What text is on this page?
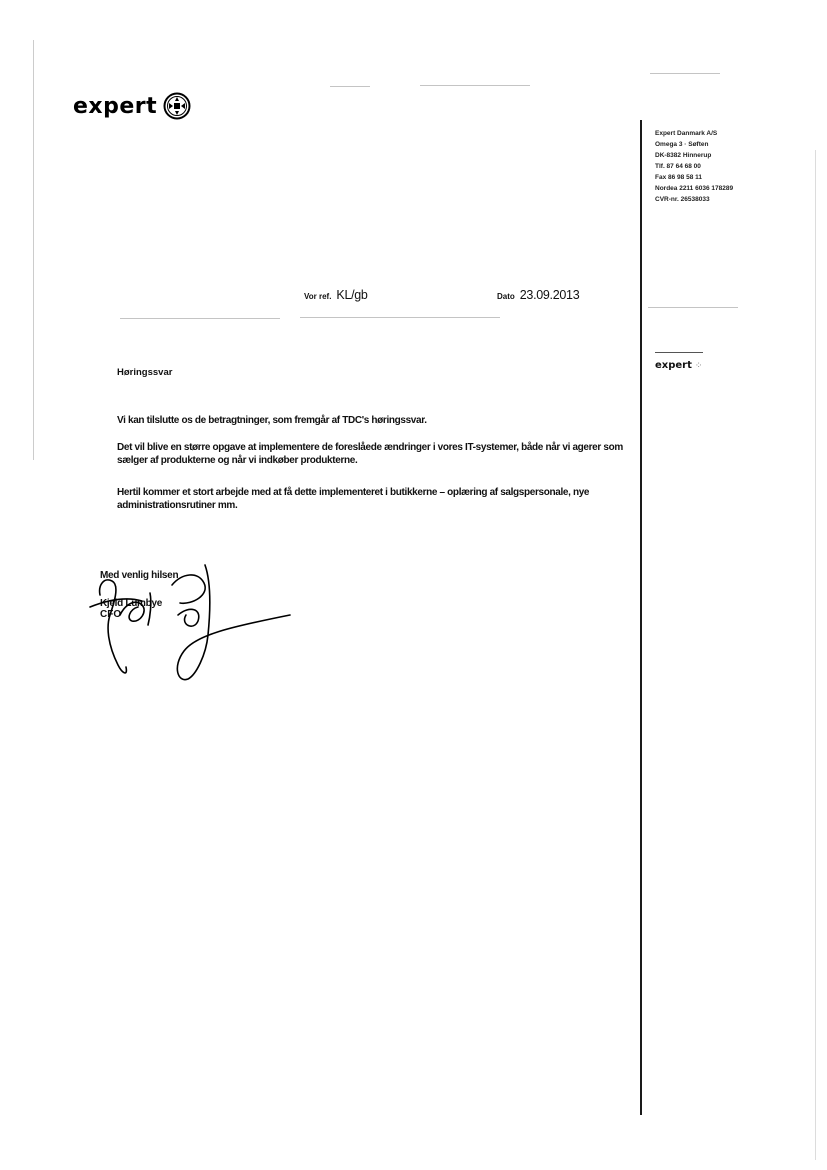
expert
Expert Danmark A/S
Omega 3 · Søften
DK-8382 Hinnerup
Tlf. 87 64 68 00
Fax 86 98 58 11
Nordea 2211 6036 178289
CVR-nr. 26538033
expert ⁘
Vor ref. KL/gb	Dato 23.09.2013
Høringssvar
Vi kan tilslutte os de betragtninger, som fremgår af TDC's høringssvar.
Det vil blive en større opgave at implementere de foreslåede ændringer i vores IT-systemer, både når vi agerer som sælger af produkterne og når vi indkøber produkterne.
Hertil kommer et stort arbejde med at få dette implementeret i butikkerne – oplæring af salgspersonale, nye administrationsrutiner mm.
Med venlig hilsen
Kjeld Lumbye
CFO
